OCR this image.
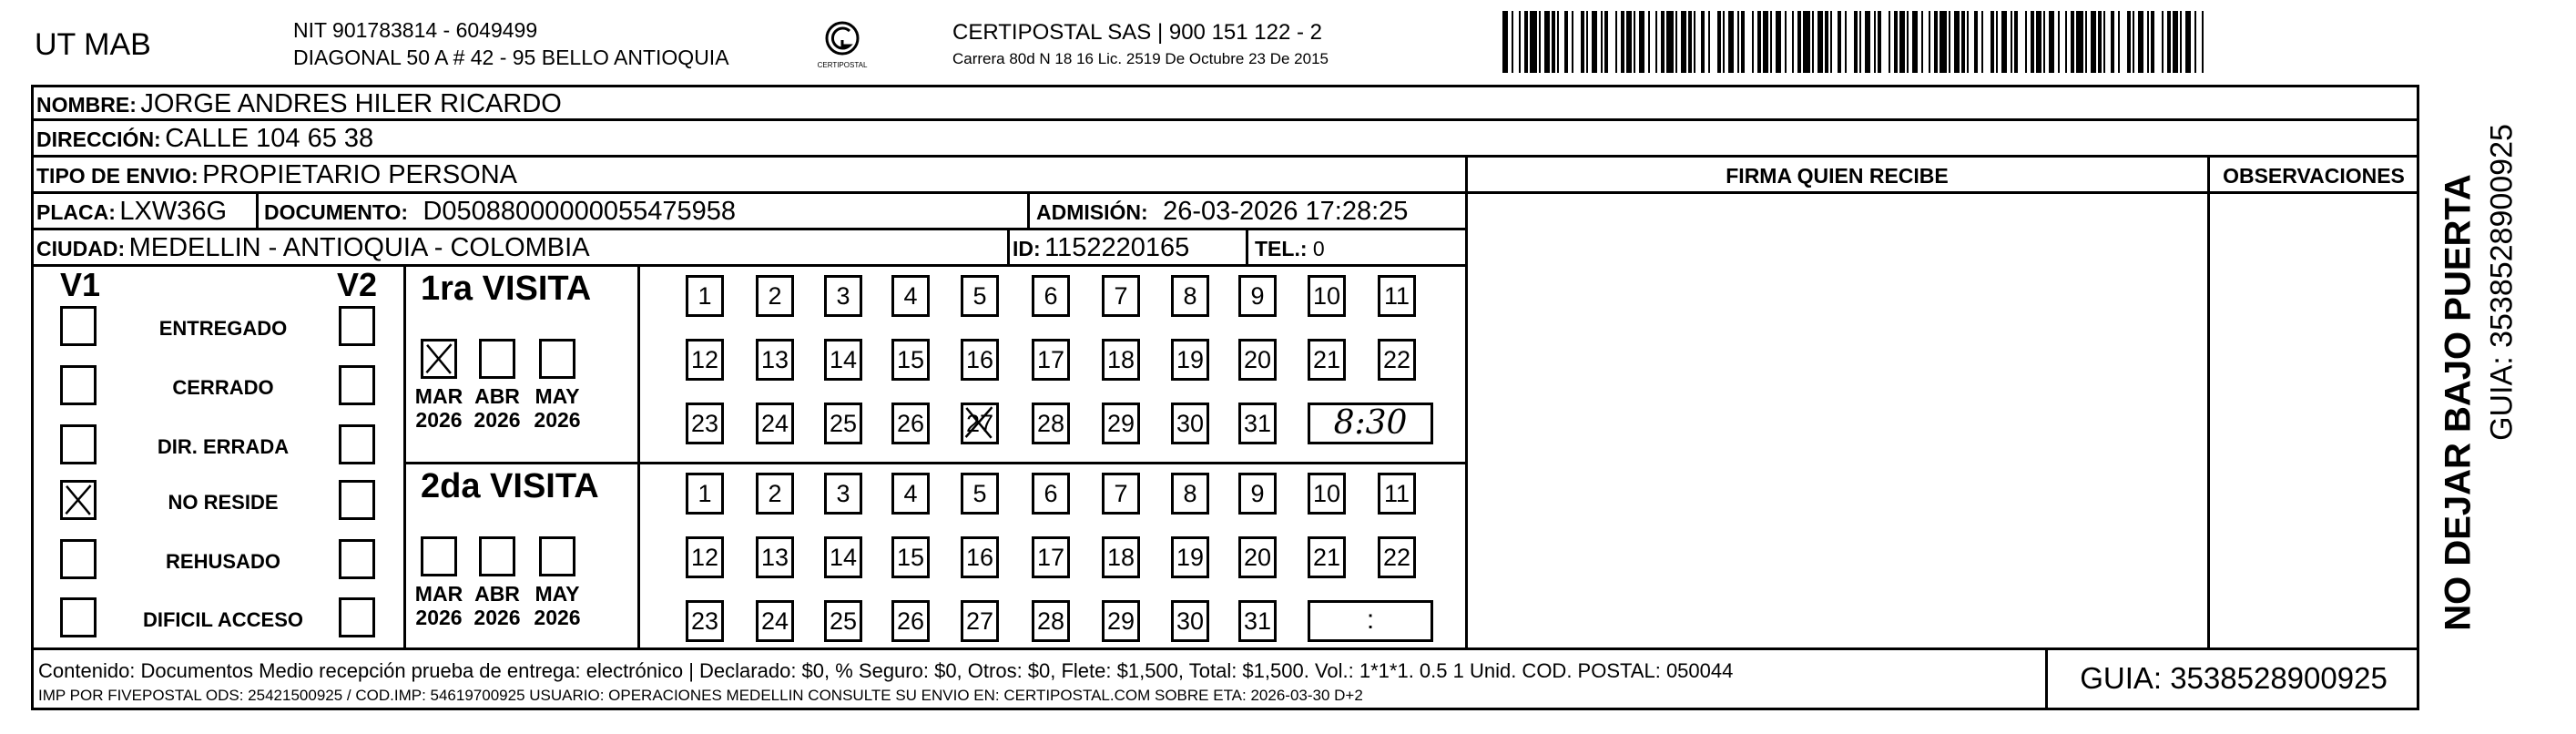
UT MAB	NIT 901783814 - 6049499
DIAGONAL 50 A # 42 - 95 BELLO ANTIOQUIA	CERTIPOSTAL
CERTIPOSTAL SAS | 900 151 122 - 2
Carrera 80d N 18 16 Lic. 2519 De Octubre 23 De 2015
NOMBRE: JORGE ANDRES HILER RICARDO
DIRECCIÓN: CALLE 104 65 38
TIPO DE ENVIO: PROPIETARIO PERSONA	FIRMA QUIEN RECIBE	OBSERVACIONES
PLACA: LXW36G DOCUMENTO: D05088000000055475958	ADMISIÓN: 26-03-2026 17:28:25
CIUDAD: MEDELLIN - ANTIOQUIA - COLOMBIA	ID: 1152220165	TEL.: 0
V1	V2
ENTREGADO
CERRADO
DIR. ERRADA
NO RESIDE
REHUSADO
DIFICIL ACCESO
1ra VISITA
MAR
2026
ABR
2026
MAY
2026
1	2	3	4	5	6	7	8	9	10 11
12 13 14 15 16 17 18 19 20 21 22
23 24 25 26 27 28 29 30 31	8:30
2da VISITA
MAR
2026
ABR
2026
MAY
2026
1	2	3	4	5	6	7	8	9	10 11
12 13 14 15 16 17 18 19 20 21 22
23 24 25 26 27 28 29 30 31	:
Contenido: Documentos Medio recepción prueba de entrega: electrónico | Declarado: $0, % Seguro: $0, Otros: $0, Flete: $1,500, Total: $1,500. Vol.: 1*1*1. 0.5 1 Unid. COD. POSTAL: 050044
IMP POR FIVEPOSTAL ODS: 25421500925 / COD.IMP: 54619700925 USUARIO: OPERACIONES MEDELLIN CONSULTE SU ENVIO EN: CERTIPOSTAL.COM SOBRE ETA: 2026-03-30 D+2
GUIA: 3538528900925
NO DEJAR BAJO PUERTA GUIA: 3538528900925
